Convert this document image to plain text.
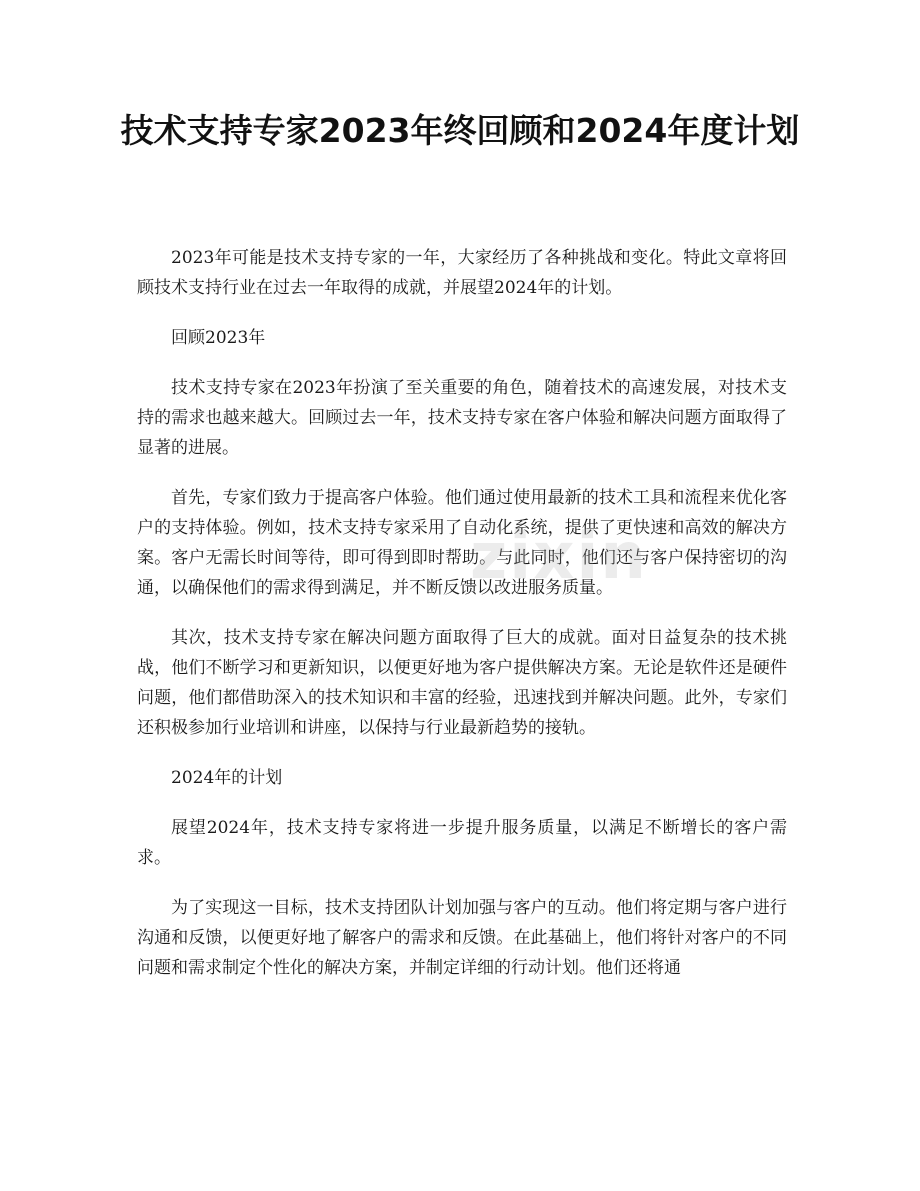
技术支持专家2023年终回顾和2024年度计划

2023年可能是技术支持专家的一年，大家经历了各种挑战和变化。特此文章将回顾技术支持行业在过去一年取得的成就，并展望2024年的计划。

回顾2023年

技术支持专家在2023年扮演了至关重要的角色，随着技术的高速发展，对技术支持的需求也越来越大。回顾过去一年，技术支持专家在客户体验和解决问题方面取得了显著的进展。

首先，专家们致力于提高客户体验。他们通过使用最新的技术工具和流程来优化客户的支持体验。例如，技术支持专家采用了自动化系统，提供了更快速和高效的解决方案。客户无需长时间等待，即可得到即时帮助。与此同时，他们还与客户保持密切的沟通，以确保他们的需求得到满足，并不断反馈以改进服务质量。

其次，技术支持专家在解决问题方面取得了巨大的成就。面对日益复杂的技术挑战，他们不断学习和更新知识，以便更好地为客户提供解决方案。无论是软件还是硬件问题，他们都借助深入的技术知识和丰富的经验，迅速找到并解决问题。此外，专家们还积极参加行业培训和讲座，以保持与行业最新趋势的接轨。

2024年的计划

展望2024年，技术支持专家将进一步提升服务质量，以满足不断增长的客户需求。

为了实现这一目标，技术支持团队计划加强与客户的互动。他们将定期与客户进行沟通和反馈，以便更好地了解客户的需求和反馈。在此基础上，他们将针对客户的不同问题和需求制定个性化的解决方案，并制定详细的行动计划。他们还将通

zixin
